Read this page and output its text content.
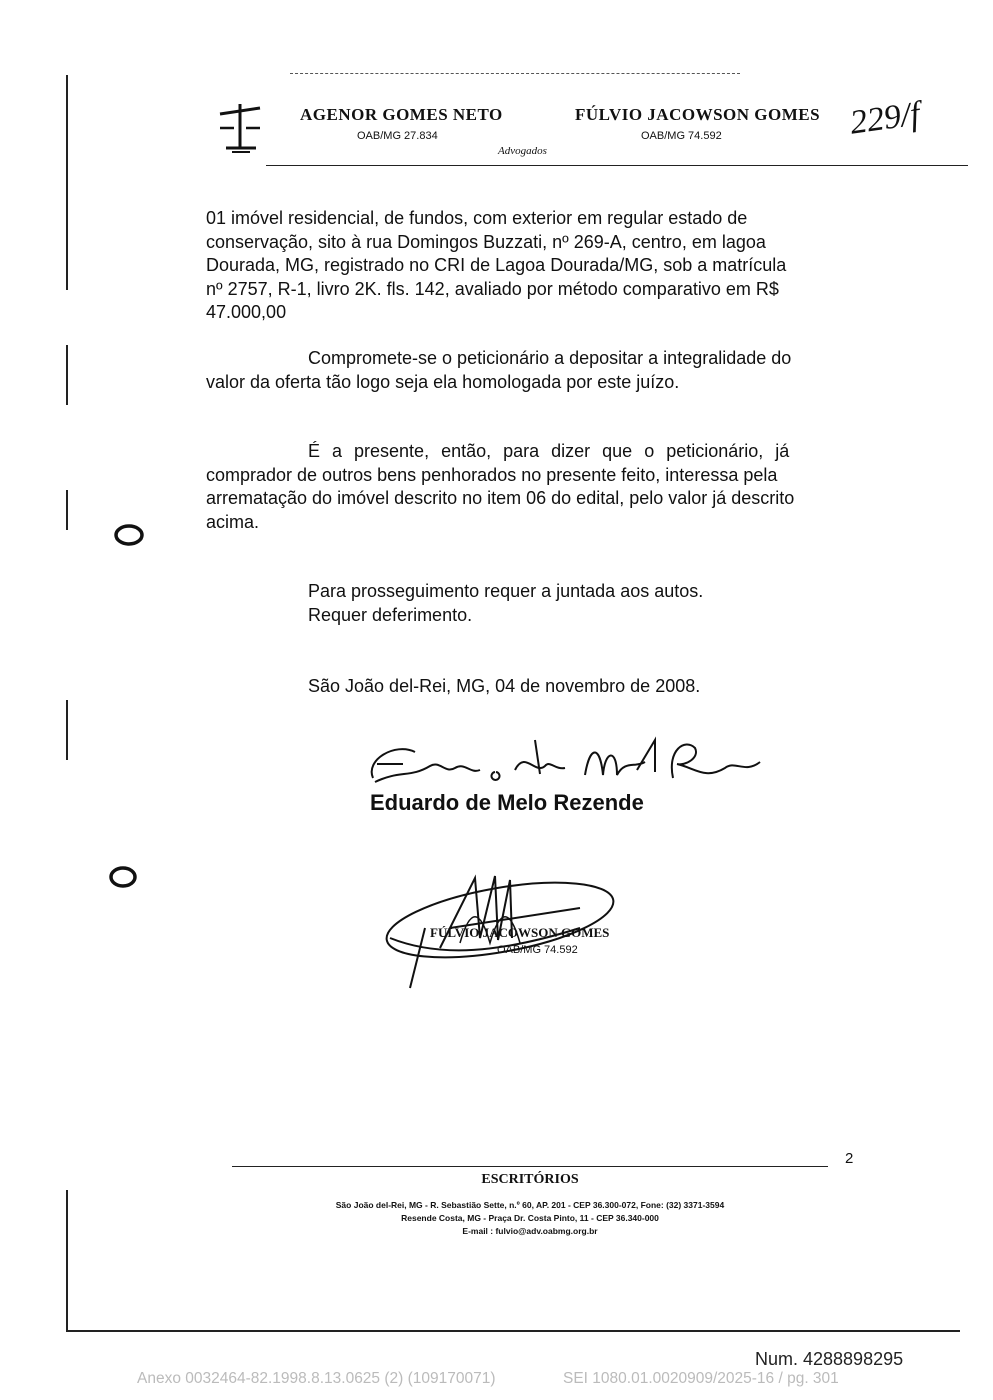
AGENOR GOMES NETO
OAB/MG 27.834
FÚLVIO JACOWSON GOMES
OAB/MG 74.592
Advogados
229/f
01 imóvel residencial, de fundos, com exterior em regular estado de
conservação, sito à rua Domingos Buzzati, nº 269-A, centro, em lagoa
Dourada, MG, registrado no CRI de Lagoa Dourada/MG, sob a matrícula
nº 2757, R-1, livro 2K. fls. 142, avaliado por método comparativo em R$
47.000,00
Compromete-se o peticionário a depositar a integralidade do
valor da oferta tão logo seja ela homologada por este juízo.
É a presente, então, para dizer que o peticionário, já
comprador de outros bens penhorados no presente feito, interessa pela
arrematação do imóvel descrito no item 06 do edital, pelo valor já descrito
acima.
Para prosseguimento requer a juntada aos autos.
Requer deferimento.
São João del-Rei, MG, 04 de novembro de 2008.
Eduardo de Melo Rezende
FÚLVIO JACOWSON GOMES
OAB/MG 74.592
2
ESCRITÓRIOS
São João del-Rei, MG - R. Sebastião Sette, n.º 60, AP. 201 - CEP 36.300-072, Fone: (32) 3371-3594
Resende Costa, MG - Praça Dr. Costa Pinto, 11 - CEP 36.340-000
E-mail : fulvio@adv.oabmg.org.br
Num. 4288898295
Anexo 0032464-82.1998.8.13.0625 (2) (109170071)	SEI 1080.01.0020909/2025-16 / pg. 301
